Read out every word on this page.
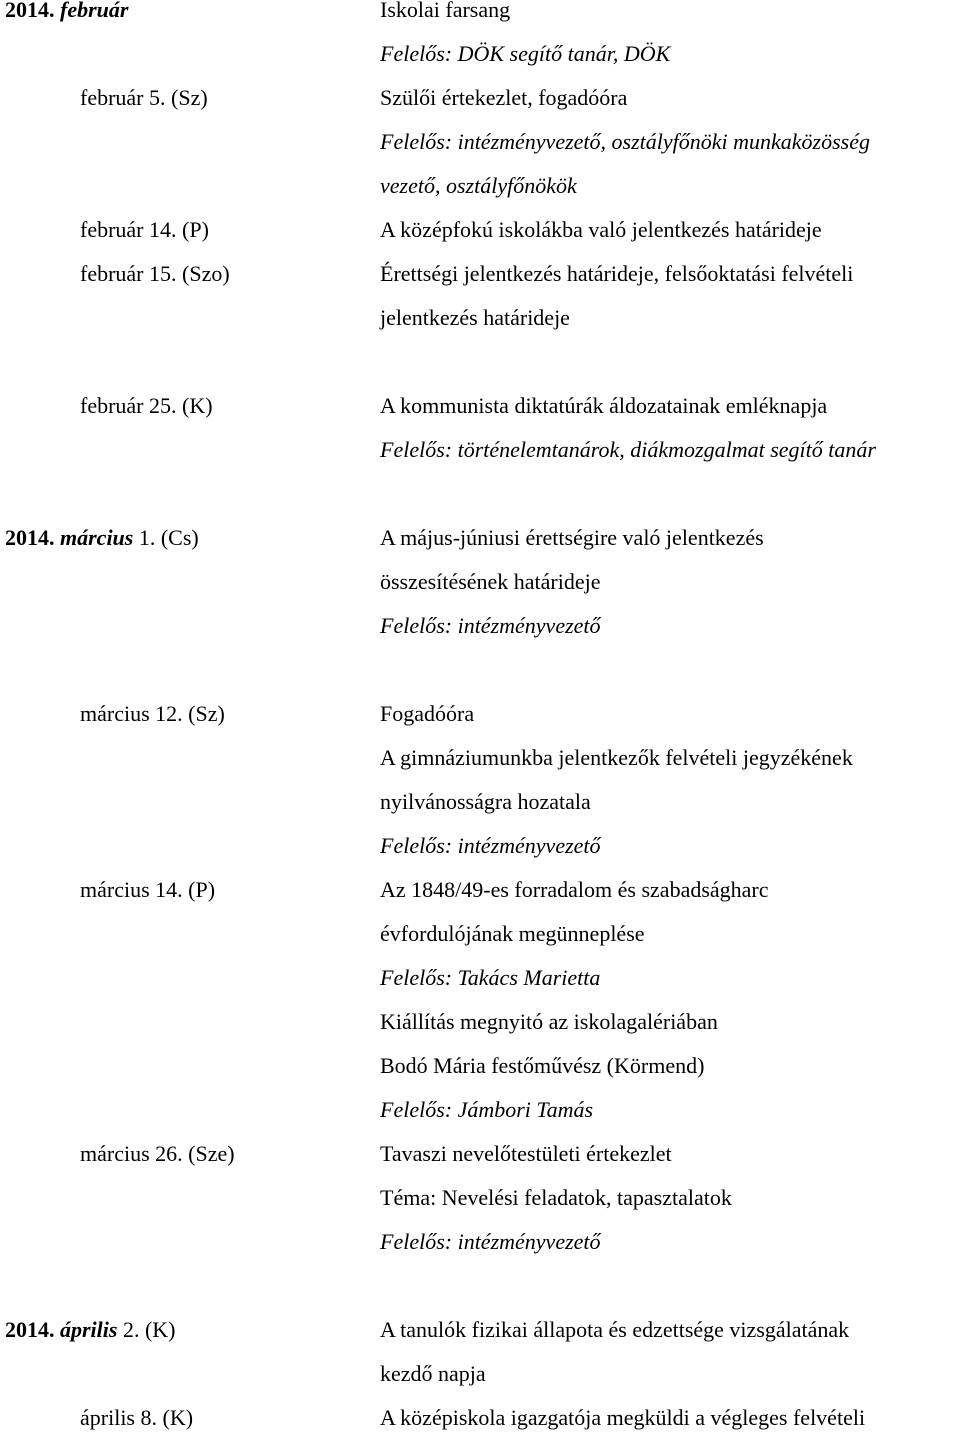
2014. február	Iskolai farsang
Felelős: DÖK segítő tanár, DÖK
február 5. (Sz)	Szülői értekezlet, fogadóóra
Felelős: intézményvezető, osztályfőnöki munkaközösség
vezető, osztályfőnökök
február 14. (P)	A középfokú iskolákba való jelentkezés határideje
február 15. (Szo)	Érettségi jelentkezés határideje, felsőoktatási felvételi
jelentkezés határideje
február 25. (K)	A kommunista diktatúrák áldozatainak emléknapja
Felelős: történelemtanárok, diákmozgalmat segítő tanár
2014. március 1. (Cs)	A május-júniusi érettségire való jelentkezés
összesítésének határideje
Felelős: intézményvezető
március 12. (Sz)	Fogadóóra
A gimnáziumunkba jelentkezők felvételi jegyzékének
nyilvánosságra hozatala
Felelős: intézményvezető
március 14. (P)	Az 1848/49-es forradalom és szabadságharc
évfordulójának megünneplése
Felelős: Takács Marietta
Kiállítás megnyitó az iskolagalériában
Bodó Mária festőművész (Körmend)
Felelős: Jámbori Tamás
március 26. (Sze)	Tavaszi nevelőtestületi értekezlet
Téma: Nevelési feladatok, tapasztalatok
Felelős: intézményvezető
2014. április 2. (K)	A tanulók fizikai állapota és edzettsége vizsgálatának
kezdő napja
április 8. (K)	A középiskola igazgatója megküldi a végleges felvételi
